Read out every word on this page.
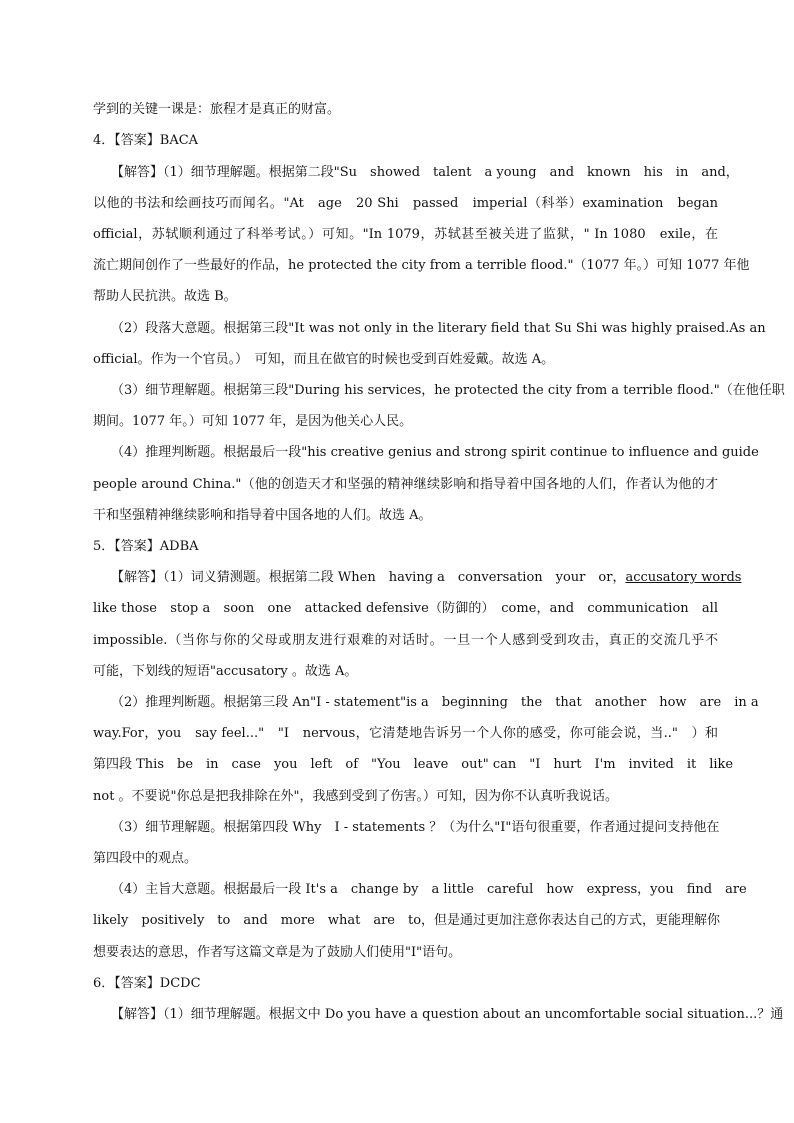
学到的关键一课是：旅程才是真正的财富。
4．【答案】BACA
【解答】（1）细节理解题。根据第二段"Su　showed　talent　a young　and　known　his　in　and，
以他的书法和绘画技巧而闻名。"At　age　20 Shi　passed　imperial（科举）examination　began
official，苏轼顺利通过了科举考试。）可知。"In 1079，苏轼甚至被关进了监狱，" In 1080　exile，在
流亡期间创作了一些最好的作品，he protected the city from a terrible flood."（1077 年。）可知 1077 年他
帮助人民抗洪。故选 B。
（2）段落大意题。根据第三段"It was not only in the literary field that Su Shi was highly praised.As an
official。作为一个官员。）　可知，而且在做官的时候也受到百姓爱戴。故选 A。
（3）细节理解题。根据第三段"During his services，he protected the city from a terrible flood."（在他任职
期间。1077 年。）可知 1077 年，是因为他关心人民。
（4）推理判断题。根据最后一段"his creative genius and strong spirit continue to influence and guide
people around China."（他的创造天才和坚强的精神继续影响和指导着中国各地的人们，作者认为他的才
干和坚强精神继续影响和指导着中国各地的人们。故选 A。
5．【答案】ADBA
【解答】（1）词义猜测题。根据第二段 When　having a　conversation　your　or，accusatory words
like those　stop a　soon　one　attacked defensive（防御的）　come，and　communication　all
impossible.（当你与你的父母或朋友进行艰难的对话时。一旦一个人感到受到攻击，真正的交流几乎不
可能，下划线的短语"accusatory 。故选 A。
（2）推理判断题。根据第三段 An"I - statement"is a　beginning　the　that　another　how　are　in a
way.For，you　say feel..."　"I　nervous，它清楚地告诉另一个人你的感受，你可能会说，当.."　）和
第四段 This　be　in　case　you　left　of　"You　leave　out" can　"I　hurt　I'm　invited　it　like
not 。不要说"你总是把我排除在外"，我感到受到了伤害。）可知，因为你不认真听我说话。
（3）细节理解题。根据第四段 Why　I - statements ？（为什么"I"语句很重要，作者通过提问支持他在
第四段中的观点。
（4）主旨大意题。根据最后一段 It's a　change by　a little　careful　how　express，you　find　are
likely　positively　to　and　more　what　are　to，但是通过更加注意你表达自己的方式，更能理解你
想要表达的意思，作者写这篇文章是为了鼓励人们使用"I"语句。
6．【答案】DCDC
【解答】（1）细节理解题。根据文中 Do you have a question about an uncomfortable social situation...？通
